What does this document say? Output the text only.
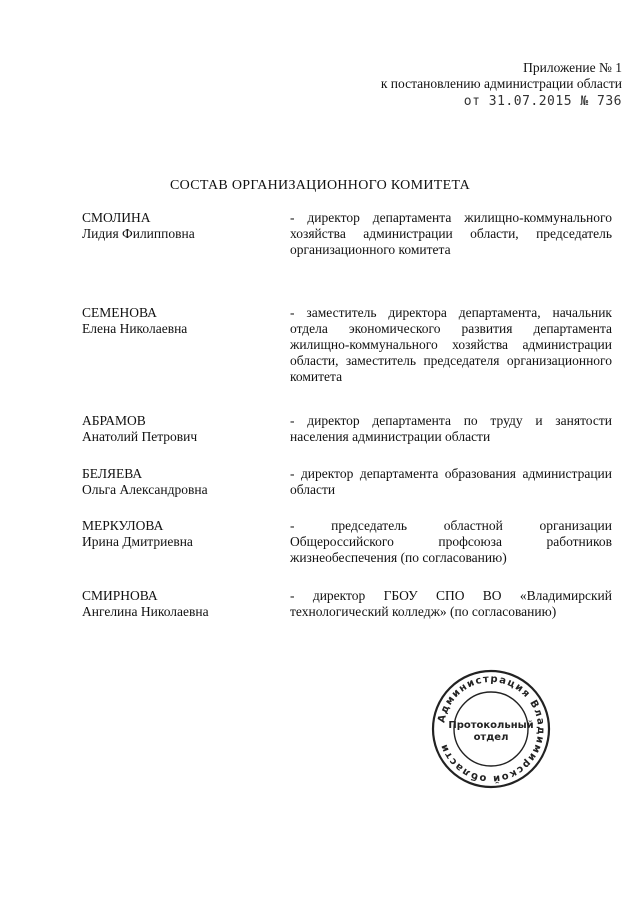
Приложение № 1
к постановлению администрации области
от 31.07.2015 № 736
СОСТАВ ОРГАНИЗАЦИОННОГО КОМИТЕТА
СМОЛИНА
Лидия Филипповна
- директор департамента жилищно-коммунального хозяйства администрации области, председатель организационного комитета
СЕМЕНОВА
Елена Николаевна
- заместитель директора департамента, начальник отдела экономического развития департамента жилищно-коммунального хозяйства администрации области, заместитель председателя организационного комитета
АБРАМОВ
Анатолий Петрович
- директор департамента по труду и занятости населения администрации области
БЕЛЯЕВА
Ольга Александровна
- директор департамента образования администрации области
МЕРКУЛОВА
Ирина Дмитриевна
- председатель областной организации Общероссийского профсоюза работников жизнеобеспечения (по согласованию)
СМИРНОВА
Ангелина Николаевна
- директор ГБОУ СПО ВО «Владимирский технологический колледж» (по согласованию)
Администрация Владимирской области
Протокольный
отдел
